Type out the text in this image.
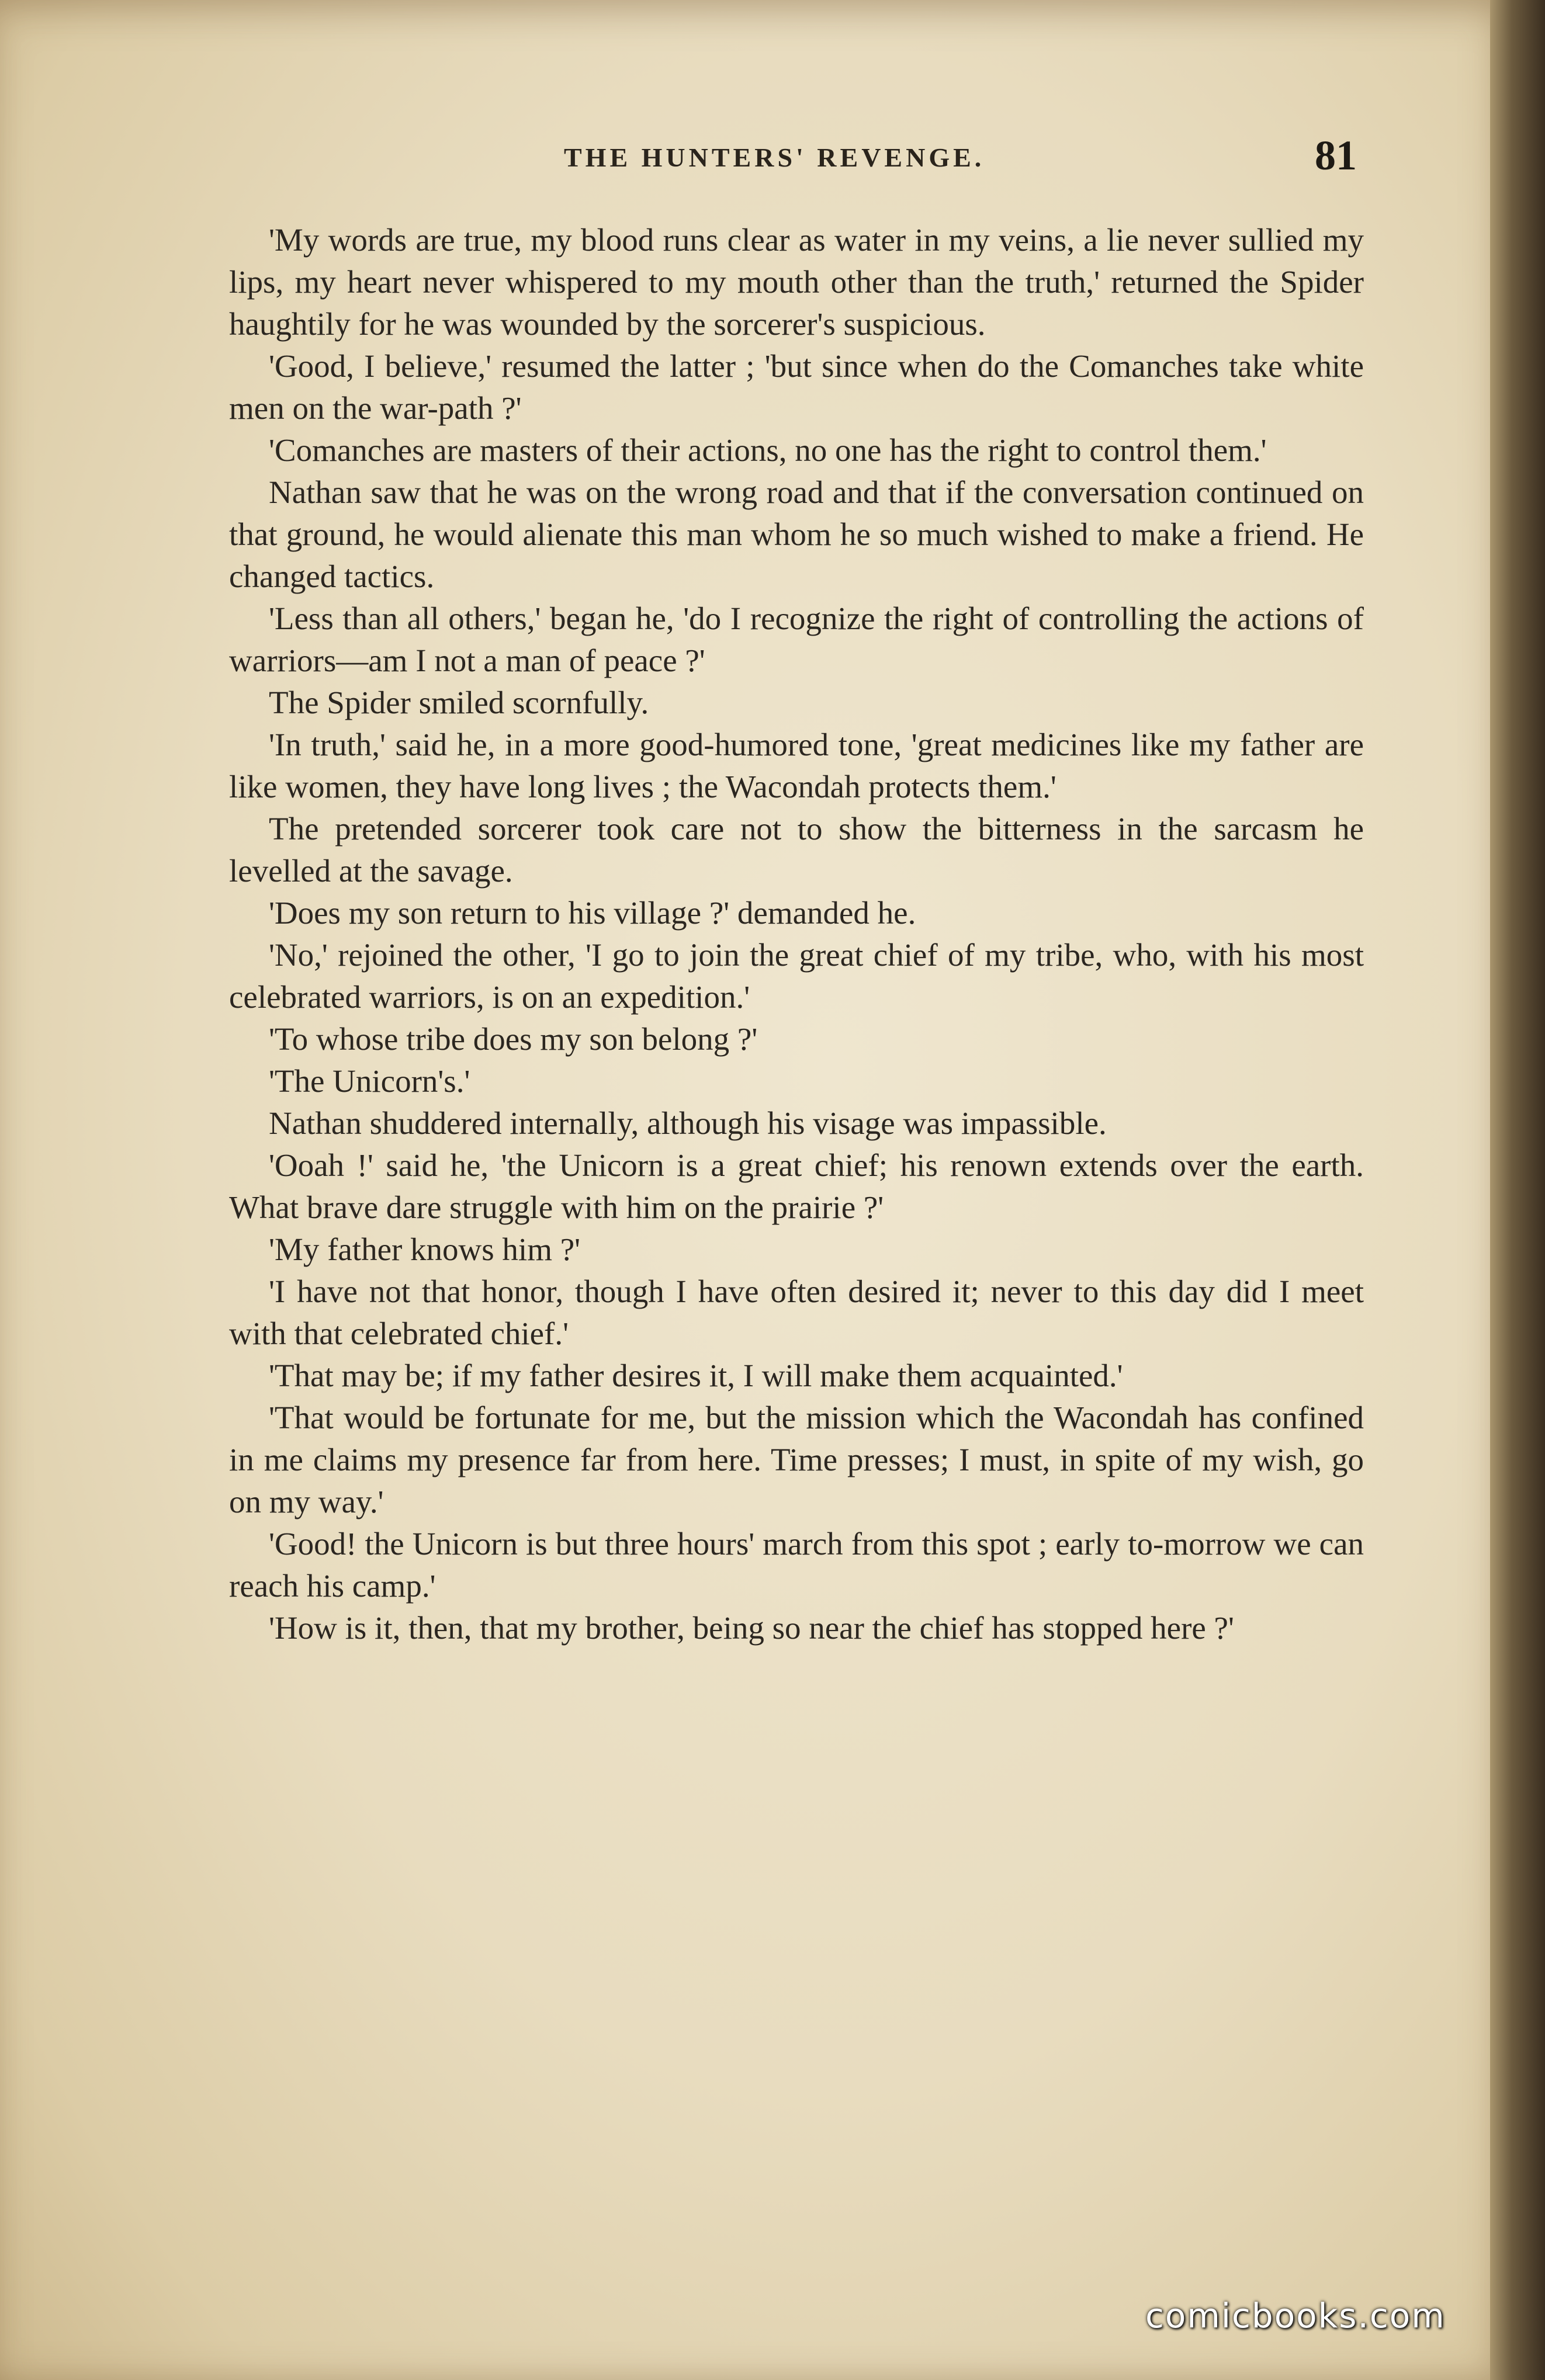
THE HUNTERS' REVENGE.	81

'My words are true, my blood runs clear as water in my veins, a lie never sullied my lips, my heart never whispered to my mouth other than the truth,' returned the Spider haughtily for he was wounded by the sorcerer's suspicious.

'Good, I believe,' resumed the latter ; 'but since when do the Comanches take white men on the war-path ?'

'Comanches are masters of their actions, no one has the right to control them.'

Nathan saw that he was on the wrong road and that if the conversation continued on that ground, he would alienate this man whom he so much wished to make a friend. He changed tactics.

'Less than all others,' began he, 'do I recognize the right of controlling the actions of warriors—am I not a man of peace ?'

The Spider smiled scornfully.

'In truth,' said he, in a more good-humored tone, 'great medicines like my father are like women, they have long lives ; the Wacondah protects them.'

The pretended sorcerer took care not to show the bitterness in the sarcasm he levelled at the savage.

'Does my son return to his village ?' demanded he.

'No,' rejoined the other, 'I go to join the great chief of my tribe, who, with his most celebrated warriors, is on an expedition.'

'To whose tribe does my son belong ?'

'The Unicorn's.'

Nathan shuddered internally, although his visage was impassible.

'Ooah !' said he, 'the Unicorn is a great chief; his renown extends over the earth. What brave dare struggle with him on the prairie ?'

'My father knows him ?'

'I have not that honor, though I have often desired it; never to this day did I meet with that celebrated chief.'

'That may be; if my father desires it, I will make them acquainted.'

'That would be fortunate for me, but the mission which the Wacondah has confined in me claims my presence far from here. Time presses; I must, in spite of my wish, go on my way.'

'Good! the Unicorn is but three hours' march from this spot ; early to-morrow we can reach his camp.'

'How is it, then, that my brother, being so near the chief has stopped here ?'

comicbooks.com
